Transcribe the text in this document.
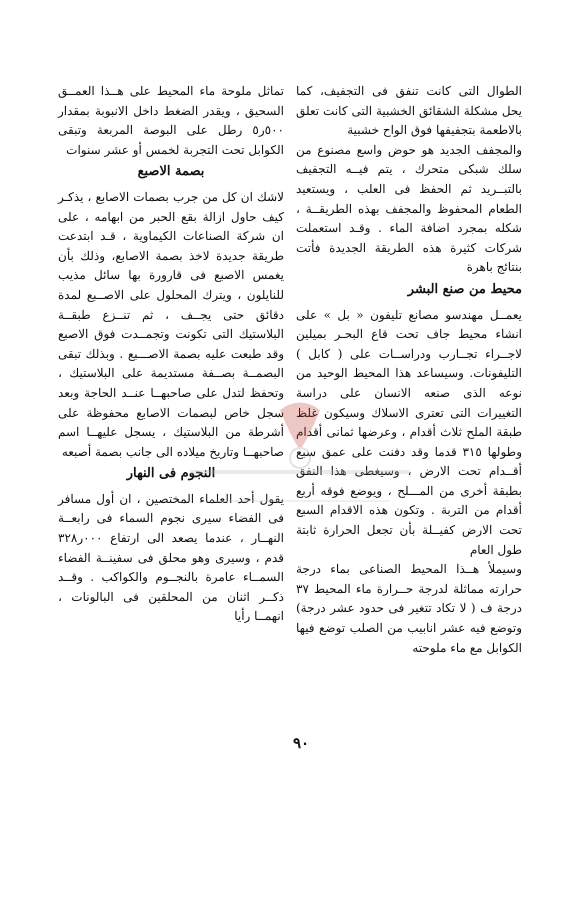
الطوال التى كانت تنفق فى التجفيف، كما يحل مشكلة الشقائق الخشبية التى كانت تعلق بالاطعمة بتجفيفها فوق الواح خشبية

والمجفف الجديد هو حوض واسع مصنوع من سلك شبكى متحرك ، يتم فيــه التجفيف بالتبــريد ثم الحفظ فى العلب ، ويستعيد الطعام المحفوظ والمجفف بهذه الطريقــة ، شكله بمجرد اضافة الماء . وقـد استعملت شركات كثيرة هذه الطريقة الجديدة فأتت بنتائج باهرة

محيط من صنع البشر

يعمــل مهندسو مصانع تليفون « بل » على انشاء محيط جاف تحت قاع البحـر بميلين لاجــراء تجــارب ودراســات على ( كابل ) التليفونات. وسيساعد هذا المحيط الوحيد من نوعه الذى صنعه الانسان على دراسة التغييرات التى تعترى الاسلاك وسيكون غلظ طبقة الملح ثلاث أقدام ، وعرضها ثمانى أقدام وطولها ٣١٥ قدما وقد دفنت على عمق سبع أقــدام تحت الارض ، وسيغطى هذا النفق بطبقة أخرى من المـــلح ، ويوضع فوقه أربع أقدام من التربة . وتكون هذه الاقدام السبع تحت الارض كفيــلة بأن تجعل الحرارة ثابتة طول العام

وسيملأ هــذا المحيط الصناعى بماء درجة حرارته مماثلة لدرجة حــرارة ماء المحيط ٣٧ درجة ف ( لا تكاد تتغير فى حدود عشر درجة) وتوضع فيه عشر انابيب من الصلب توضع فيها الكوابل مع ماء ملوحته

تماثل ملوحة ماء المحيط على هــذا العمــق السحيق ، ويقدر الضغط داخل الانبوبة بمقدار ٥٠٠ر٥ رطل على البوصة المربعة وتبقى الكوابل تحت التجربة لخمس أو عشر سنوات

بصمة الاصبع

لاشك ان كل من جرب بصمات الاصابع ، يذكـر كيف حاول ازالة بقع الحبر من ابهامه ، على ان شركة الصناعات الكيماوية ، قـد ابتدعت طريقة جديدة لاخذ بصمة الاصابع، وذلك بأن يغمس الاصبع فى قارورة بها سائل مذيب للنايلون ، ويترك المحلول على الاصــبع لمدة دقائق حتى يجــف ، ثم تنــزع طبقــة البلاستيك التى تكونت وتجمــدت فوق الاصبع وقد طبعت عليه بصمة الاصـــبع . وبذلك تبقى البصمــة بصــفة مستديمة على البلاستيك ، وتحفظ لتدل على صاحبهــا عنــد الحاجة وبعد سجل خاص لبصمات الاصابع محفوظة على أشرطة من البلاستيك ، يسجل عليهــا اسم صاحبهــا وتاريخ ميلاده الى جانب بصمة أصبعه

النجوم فى النهار

يقول أحد العلماء المختصين ، ان أول مسافر فى الفضاء سيرى نجوم السماء فى رابعــة النهــار ، عندما يصعد الى ارتفاع ٠٠٠ر٣٢٨ قدم ، وسيرى وهو محلق فى سفينــة الفضاء السمــاء عامرة بالنجــوم والكواكب . وقــد ذكــر اثنان من المحلقين فى البالونات ، انهمــا رأيا

٩٠
